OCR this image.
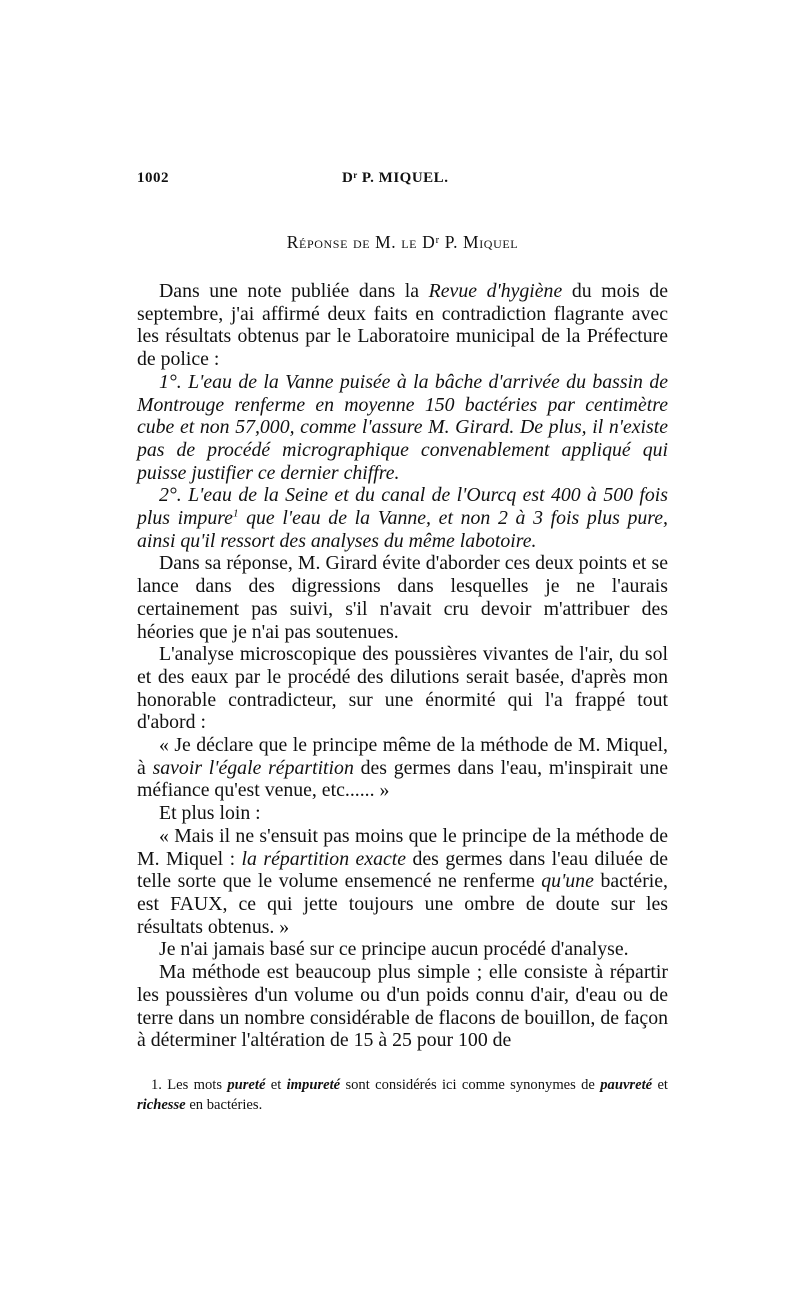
1002	Dʳ P. MIQUEL.
Réponse de M. le Dʳ P. Miquel

Dans une note publiée dans la Revue d'hygiène du mois de septembre, j'ai affirmé deux faits en contradiction flagrante avec les résultats obtenus par le Laboratoire municipal de la Préfecture de police :

1°. L'eau de la Vanne puisée à la bâche d'arrivée du bassin de Montrouge renferme en moyenne 150 bactéries par centimètre cube et non 57,000, comme l'assure M. Girard. De plus, il n'existe pas de procédé micrographique convenablement appliqué qui puisse justifier ce dernier chiffre.

2°. L'eau de la Seine et du canal de l'Ourcq est 400 à 500 fois plus impure$^1$ que l'eau de la Vanne, et non 2 à 3 fois plus pure, ainsi qu'il ressort des analyses du même labotoire.

Dans sa réponse, M. Girard évite d'aborder ces deux points et se lance dans des digressions dans lesquelles je ne l'aurais certainement pas suivi, s'il n'avait cru devoir m'attribuer des héories que je n'ai pas soutenues.

L'analyse microscopique des poussières vivantes de l'air, du sol et des eaux par le procédé des dilutions serait basée, d'après mon honorable contradicteur, sur une énormité qui l'a frappé tout d'abord :

« Je déclare que le principe même de la méthode de M. Miquel, à savoir l'égale répartition des germes dans l'eau, m'inspirait une méfiance qu'est venue, etc...... »

Et plus loin :

« Mais il ne s'ensuit pas moins que le principe de la méthode de M. Miquel : la répartition exacte des germes dans l'eau diluée de telle sorte que le volume ensemencé ne renferme qu'une bactérie, est FAUX, ce qui jette toujours une ombre de doute sur les résultats obtenus. »

Je n'ai jamais basé sur ce principe aucun procédé d'analyse.

Ma méthode est beaucoup plus simple ; elle consiste à répartir les poussières d'un volume ou d'un poids connu d'air, d'eau ou de terre dans un nombre considérable de flacons de bouillon, de façon à déterminer l'altération de 15 à 25 pour 100 de

1. Les mots pureté et impureté sont considérés ici comme synonymes de pauvreté et richesse en bactéries.
